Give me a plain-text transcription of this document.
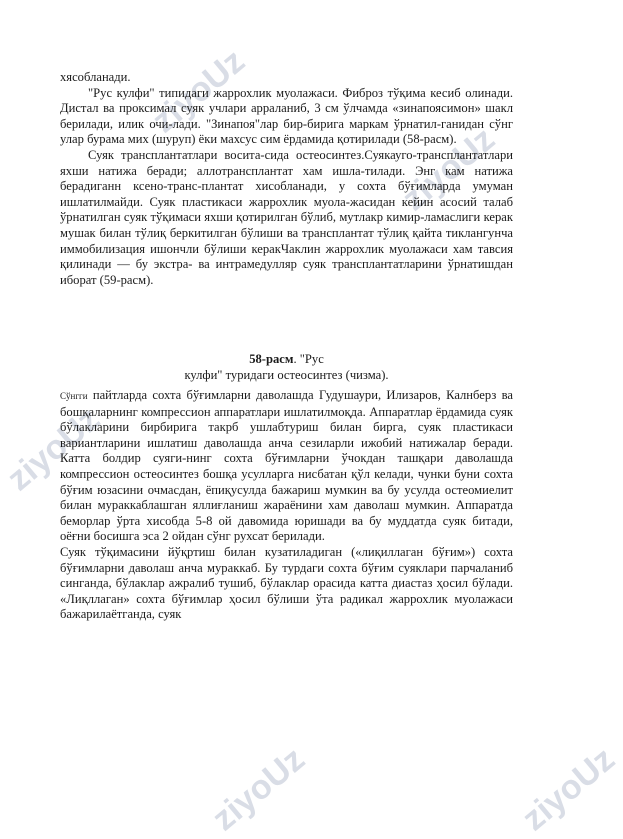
ziyoUz
ziyoUz
ziyoUz
ziyoUz	ziyoUz

хясобланади.

"Рус кулфи" типидаги жаррохлик муолажаси. Фиброз тўқима кесиб олинади. Дистал ва проксимал суяк учлари арраланиб, 3 см ўлчамда «зинапоясимон» шакл берилади, илик очи-лади. "Зинапоя"лар бир-бирига маркам ўрнатил-ганидан сўнг улар бурама мих (шуруп) ёки махсус сим ёрдамида қотирилади (58-расм).

Суяк трансплантатлари восита-сида остеосинтез.Суякауго-трансплантатлари яхши натижа беради; аллотрансплантат хам ишла-тилади. Энг кам натижа берадиганн ксено-транс-плантат хисобланади, у сохта бўғимларда умуман ишлатилмайди. Суяк пластикаси жаррохлик муола-жасидан кейин асосий талаб ўрнатилган суяк тўқимаси яхши қотирилган бўлиб, мутлакр кимир-ламаслиги керак мушак билан тўлиқ беркитилган бўлиши ва трансплантат тўлиқ қайта тиклангунча иммобилизация ишончли бўлиши керакЧаклин жаррохлик муолажаси хам тавсия қилинади — бу экстра- ва интрамедулляр суяк трансплантатларини ўрнатишдан иборат (59-расм).

58-расм. "Рус
кулфи" туридаги остеосинтез (чизма).

Сўнгги пайтларда сохта бўғимларни даволашда Гудушаури, Илизаров, Калнберз ва бошқаларнинг компрессион аппаратлари ишлатилмоқда. Аппаратлар ёрдамида суяк бўлакларини бирбирига такрб ушлабтуриш билан бирга, суяк пластикаси вариантларини ишлатиш даволашда анча сезиларли ижобий натижалар беради. Катта болдир суяги-нинг сохта бўғимларни ўчокдан ташқари даволашда компрессион остеосинтез бошқа усулларга нисбатан қўл келади, чунки буни сохта бўғим юзасини очмасдан, ёпиқусулда бажариш мумкин ва бу усулда остеомиелит билан мураккаблашган яллиғланиш жараёнини хам даволаш мумкин. Аппаратда беморлар ўрта хисобда 5-8 ой давомида юришади ва бу муддатда суяк битади, оёғни босишга эса 2 ойдан сўнг рухсат берилади.

Суяк тўқимасини йўқртиш билан кузатиладиган («лиқиллаган бўғим») сохта бўғимларни даволаш анча мураккаб. Бу турдаги сохта бўғим суяклари парчаланиб синганда, бўлаклар ажралиб тушиб, бўлаклар орасида катта диастаз ҳосил бўлади. «Лиқллаган» сохта бўғимлар ҳосил бўлиши ўта радикал жаррохлик муолажаси бажарилаётганда, суяк
